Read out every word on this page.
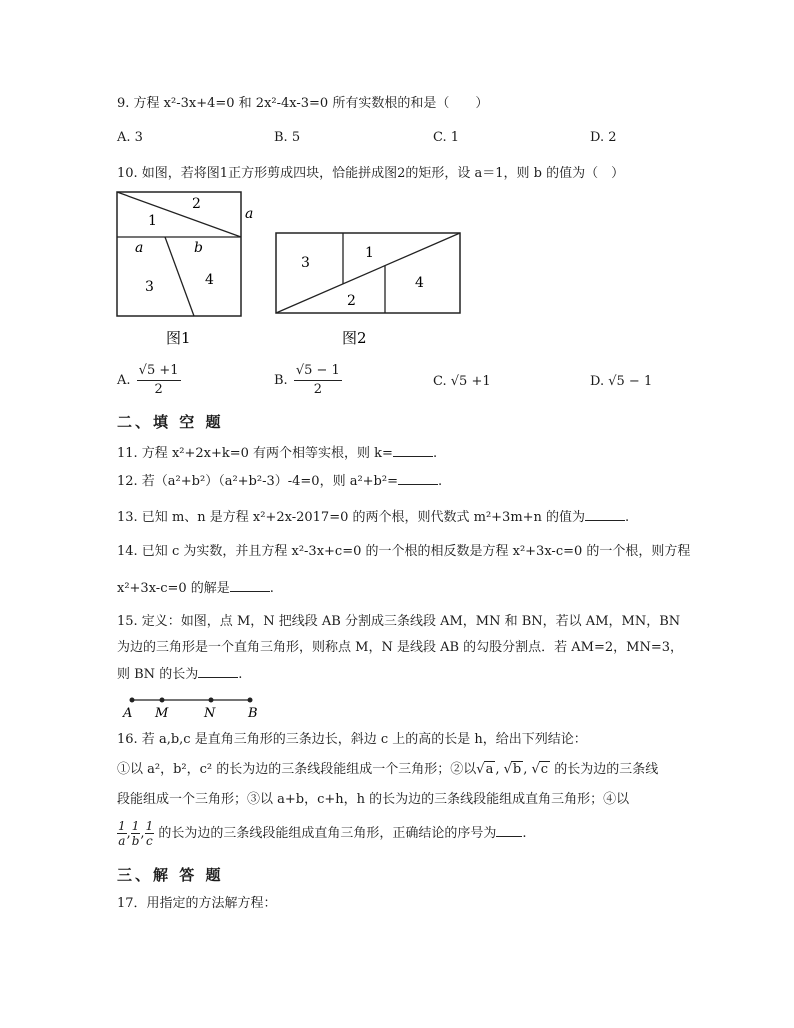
9. 方程 x²-3x+4=0 和 2x²-4x-3=0 所有实数根的和是（　　）
A. 3	B. 5	C. 1	D. 2
10. 如图，若将图1正方形剪成四块，恰能拼成图2的矩形，设 a＝1，则 b 的值为（　）
2
1	a
a	b
3	4
图1
3
1
2
4
图2
A. $\frac{√5 +1}{2}$	B. $\frac{√5 - 1}{2}$	C. √5 +1	D. √5 − 1
二、填 空 题
11. 方程 x²+2x+k=0 有两个相等实根，则 k=	.
12. 若（a²+b²）（a²+b²-3）-4=0，则 a²+b²=	.
13. 已知 m、n 是方程 x²+2x-2017=0 的两个根，则代数式 m²+3m+n 的值为	.
14. 已知 c 为实数，并且方程 x²-3x+c=0 的一个根的相反数是方程 x²+3x-c=0 的一个根，则方程
x²+3x-c=0 的解是	.
15. 定义：如图，点 M，N 把线段 AB 分割成三条线段 AM，MN 和 BN，若以 AM，MN，BN
为边的三角形是一个直角三角形，则称点 M，N 是线段 AB 的勾股分割点．若 AM=2，MN=3，
则 BN 的长为	.
A M	N	B
16. 若 a,b,c 是直角三角形的三条边长，斜边 c 上的高的长是 h，给出下列结论：
①以 a²，b²，c² 的长为边的三条线段能组成一个三角形；②以√a , √b , √c 的长为边的三条线
段能组成一个三角形；③以 a+b，c+h，h 的长为边的三条线段能组成直角三角形；④以
$\frac{1}{a}$ , $\frac{1}{b}$ , $\frac{1}{c}$ 的长为边的三条线段能组成直角三角形，正确结论的序号为 .
三、解 答 题
17．用指定的方法解方程：
